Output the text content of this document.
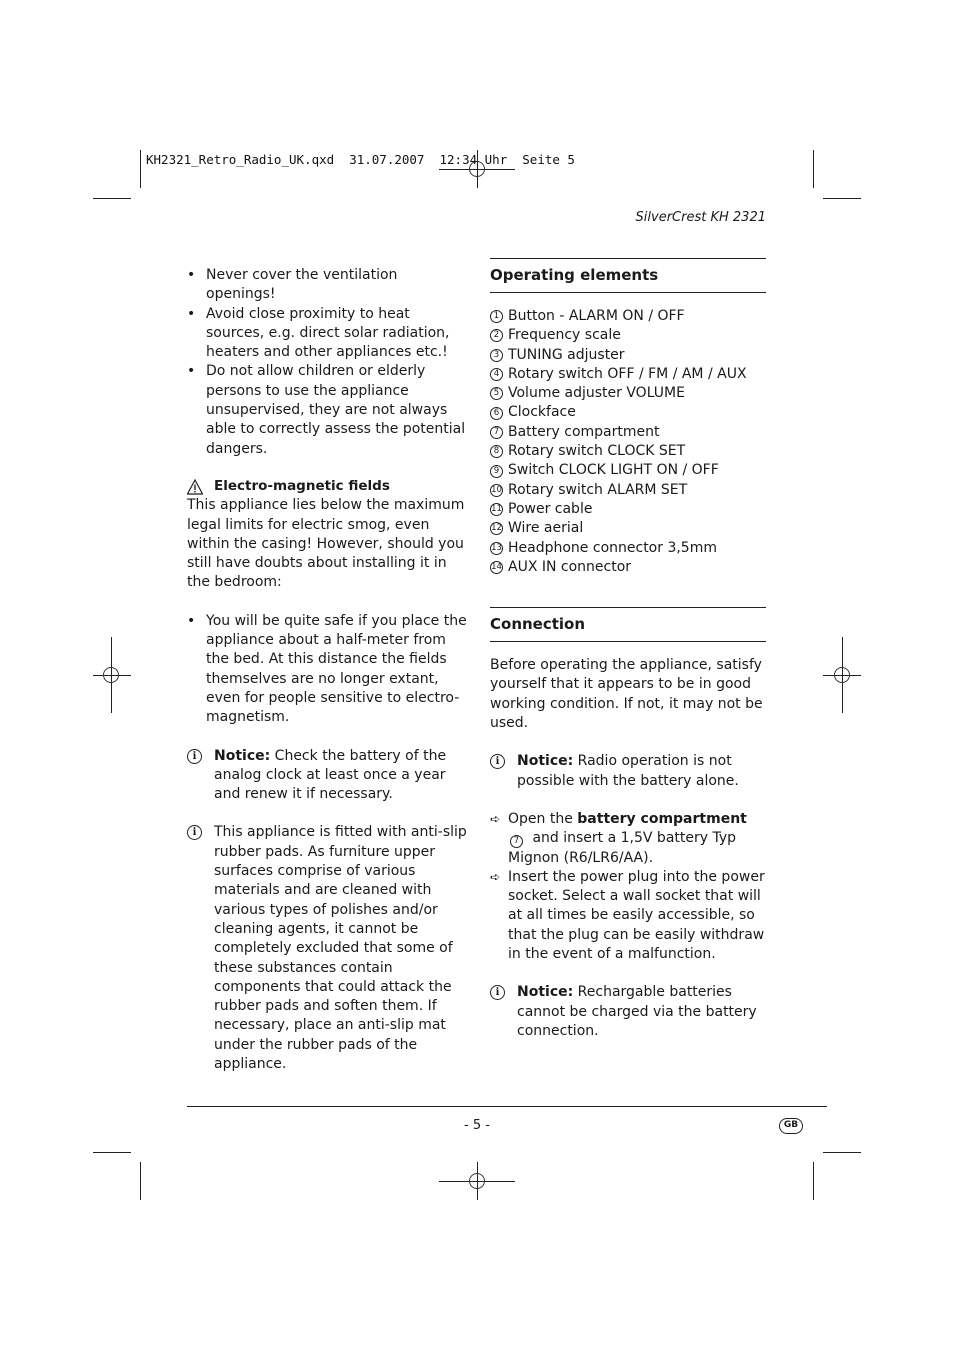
KH2321_Retro_Radio_UK.qxd  31.07.2007  12:34 Uhr  Seite 5
SilverCrest KH 2321
• Never cover the ventilation openings!
• Avoid close proximity to heat sources, e.g. direct solar radiation, heaters and other appliances etc.!
• Do not allow children or elderly persons to use the appliance unsupervised, they are not always able to correctly assess the potential dangers.
Electro-magnetic fields

This appliance lies below the maximum legal limits for electric smog, even within the casing! However, should you still have doubts about installing it in the bedroom:

• You will be quite safe if you place the appliance about a half-meter from the bed. At this distance the fields themselves are no longer extant, even for people sensitive to electro-magnetism.
i	Notice: Check the battery of the analog clock at least once a year and renew it if necessary.
i	This appliance is fitted with anti-slip rubber pads. As furniture upper surfaces comprise of various materials and are cleaned with various types of polishes and/or cleaning agents, it cannot be completely excluded that some of these substances contain components that could attack the rubber pads and soften them. If necessary, place an anti-slip mat under the rubber pads of the appliance.
Operating elements
1 Button - ALARM ON / OFF
2 Frequency scale
3 TUNING adjuster
4 Rotary switch OFF / FM / AM / AUX
5 Volume adjuster VOLUME
6 Clockface
7 Battery compartment
8 Rotary switch CLOCK SET
9 Switch CLOCK LIGHT ON / OFF
10 Rotary switch ALARM SET
11 Power cable
12 Wire aerial
13 Headphone connector 3,5mm
14 AUX IN connector
Connection

Before operating the appliance, satisfy yourself that it appears to be in good working condition. If not, it may not be used.

i	Notice: Radio operation is not possible with the battery alone.
➪ Open the battery compartment 7 and insert a 1,5V battery Typ Mignon (R6/LR6/AA).
➪ Insert the power plug into the power socket. Select a wall socket that will at all times be easily accessible, so that the plug can be easily withdraw in the event of a malfunction.
i	Notice: Rechargable batteries cannot be charged via the battery connection.
- 5 -	GB
